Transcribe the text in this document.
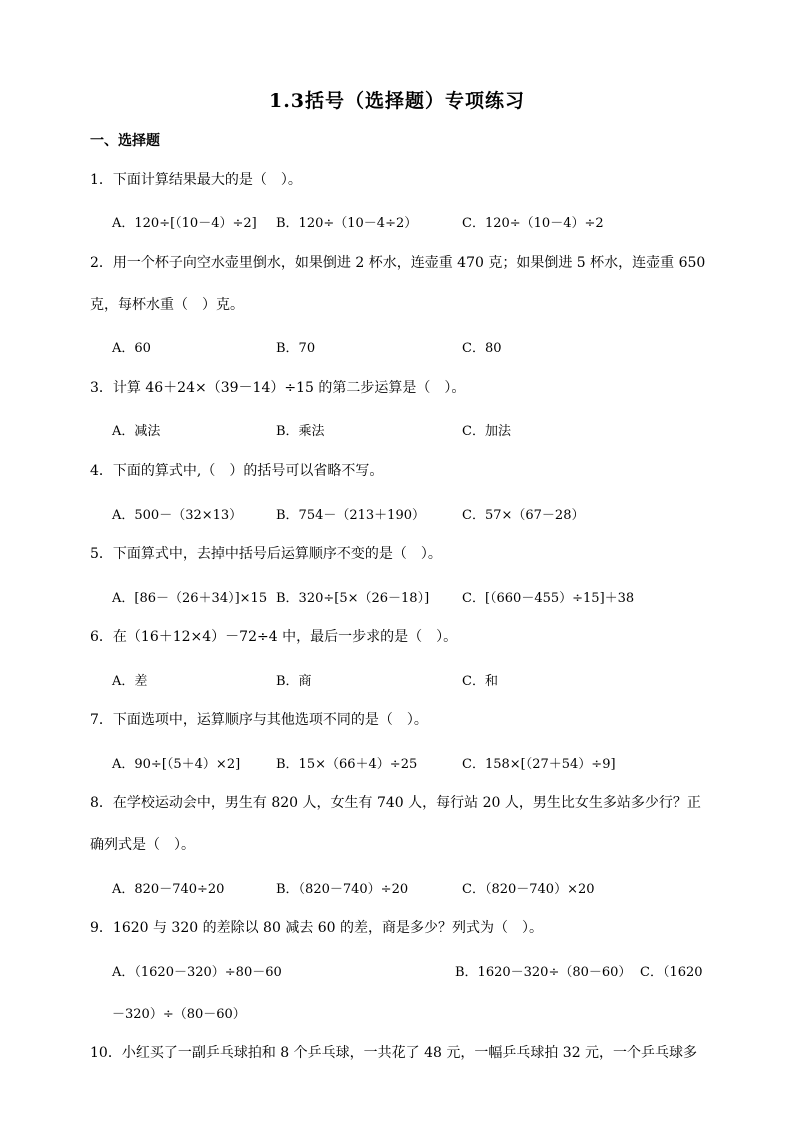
1.3括号（选择题）专项练习
一、选择题
1．下面计算结果最大的是（　）。
A．120÷[（10－4）÷2] B．120÷（10－4÷2）	C．120÷（10－4）÷2
2．用一个杯子向空水壶里倒水，如果倒进 2 杯水，连壶重 470 克；如果倒进 5 杯水，连壶重 650 克，每杯水重（　）克。
A．60	B．70	C．80
3．计算 46＋24×（39－14）÷15 的第二步运算是（　）。
A．减法	B．乘法	C．加法
4．下面的算式中,（　）的括号可以省略不写。
A．500－（32×13）	B．754－（213＋190）	C．57×（67－28）
5．下面算式中，去掉中括号后运算顺序不变的是（　）。
A．[86－（26＋34）]×15 B．320÷[5×（26－18）]	C．[（660－455）÷15]＋38
6．在（16＋12×4）－72÷4 中，最后一步求的是（　）。
A．差	B．商	C．和
7．下面选项中，运算顺序与其他选项不同的是（　）。
A．90÷[（5＋4）×2]	B．15×（66＋4）÷25	C．158×[（27＋54）÷9]
8．在学校运动会中，男生有 820 人，女生有 740 人，每行站 20 人，男生比女生多站多少行？正确列式是（　）。
A．820－740÷20	B．（820－740）÷20	C．（820－740）×20
9．1620 与 320 的差除以 80 减去 60 的差，商是多少？列式为（　）。
A．（1620－320）÷80－60	B．1620－320÷（80－60） C．（1620
－320）÷（80－60）
10．小红买了一副乒乓球拍和 8 个乒乓球，一共花了 48 元，一幅乒乓球拍 32 元，一个乒乓球多
